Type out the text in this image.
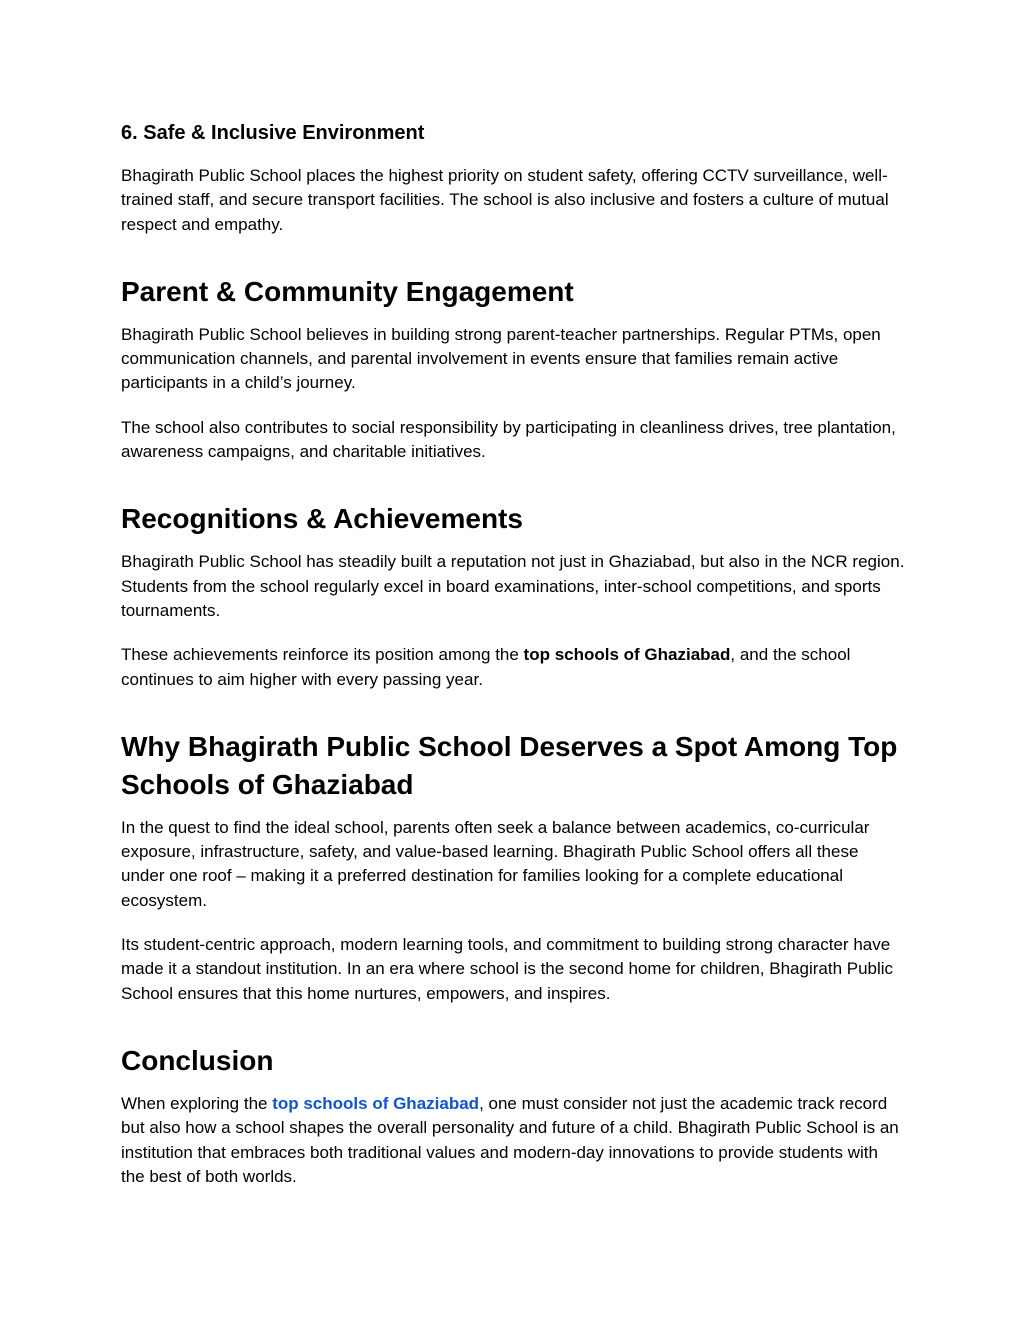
6. Safe & Inclusive Environment

Bhagirath Public School places the highest priority on student safety, offering CCTV surveillance, well-trained staff, and secure transport facilities. The school is also inclusive and fosters a culture of mutual respect and empathy.

Parent & Community Engagement

Bhagirath Public School believes in building strong parent-teacher partnerships. Regular PTMs, open communication channels, and parental involvement in events ensure that families remain active participants in a child’s journey.

The school also contributes to social responsibility by participating in cleanliness drives, tree plantation, awareness campaigns, and charitable initiatives.

Recognitions & Achievements

Bhagirath Public School has steadily built a reputation not just in Ghaziabad, but also in the NCR region. Students from the school regularly excel in board examinations, inter-school competitions, and sports tournaments.

These achievements reinforce its position among the top schools of Ghaziabad, and the school continues to aim higher with every passing year.

Why Bhagirath Public School Deserves a Spot Among Top Schools of Ghaziabad

In the quest to find the ideal school, parents often seek a balance between academics, co-curricular exposure, infrastructure, safety, and value-based learning. Bhagirath Public School offers all these under one roof – making it a preferred destination for families looking for a complete educational ecosystem.

Its student-centric approach, modern learning tools, and commitment to building strong character have made it a standout institution. In an era where school is the second home for children, Bhagirath Public School ensures that this home nurtures, empowers, and inspires.

Conclusion

When exploring the top schools of Ghaziabad, one must consider not just the academic track record but also how a school shapes the overall personality and future of a child. Bhagirath Public School is an institution that embraces both traditional values and modern-day innovations to provide students with the best of both worlds.
